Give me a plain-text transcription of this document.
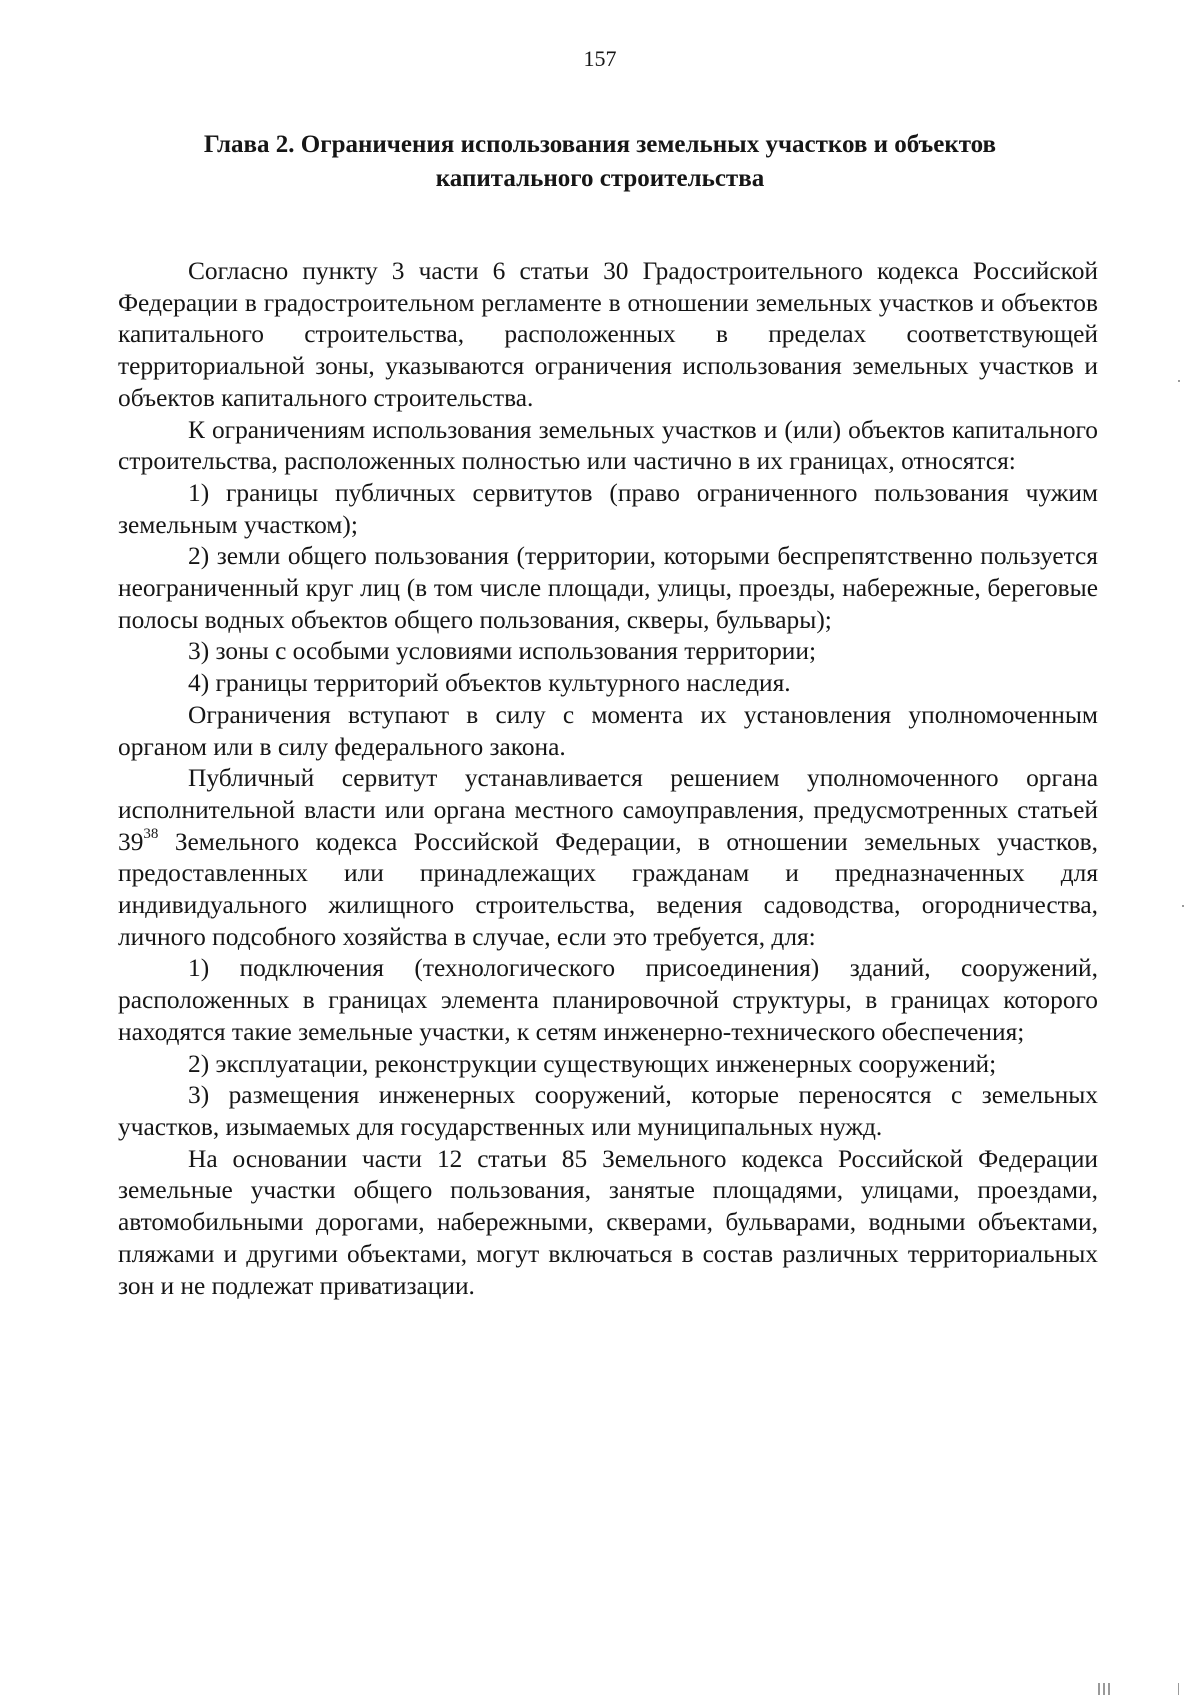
157
Глава 2. Ограничения использования земельных участков и объектов капитального строительства

Согласно пункту 3 части 6 статьи 30 Градостроительного кодекса Российской Федерации в градостроительном регламенте в отношении земельных участков и объектов капитального строительства, расположенных в пределах соответствующей территориальной зоны, указываются ограничения использования земельных участков и объектов капитального строительства.

К ограничениям использования земельных участков и (или) объектов капитального строительства, расположенных полностью или частично в их границах, относятся:

1) границы публичных сервитутов (право ограниченного пользования чужим земельным участком);

2) земли общего пользования (территории, которыми беспрепятственно пользуется неограниченный круг лиц (в том числе площади, улицы, проезды, набережные, береговые полосы водных объектов общего пользования, скверы, бульвары);

3) зоны с особыми условиями использования территории;

4) границы территорий объектов культурного наследия.

Ограничения вступают в силу с момента их установления уполномоченным органом или в силу федерального закона.

Публичный сервитут устанавливается решением уполномоченного органа исполнительной власти или органа местного самоуправления, предусмотренных статьей $39^{38}$ Земельного кодекса Российской Федерации, в отношении земельных участков, предоставленных или принадлежащих гражданам и предназначенных для индивидуального жилищного строительства, ведения садоводства, огородничества, личного подсобного хозяйства в случае, если это требуется, для:

1) подключения (технологического присоединения) зданий, сооружений, расположенных в границах элемента планировочной структуры, в границах которого находятся такие земельные участки, к сетям инженерно-технического обеспечения;

2) эксплуатации, реконструкции существующих инженерных сооружений;

3) размещения инженерных сооружений, которые переносятся с земельных участков, изымаемых для государственных или муниципальных нужд.

На основании части 12 статьи 85 Земельного кодекса Российской Федерации земельные участки общего пользования, занятые площадями, улицами, проездами, автомобильными дорогами, набережными, скверами, бульварами, водными объектами, пляжами и другими объектами, могут включаться в состав различных территориальных зон и не подлежат приватизации.
